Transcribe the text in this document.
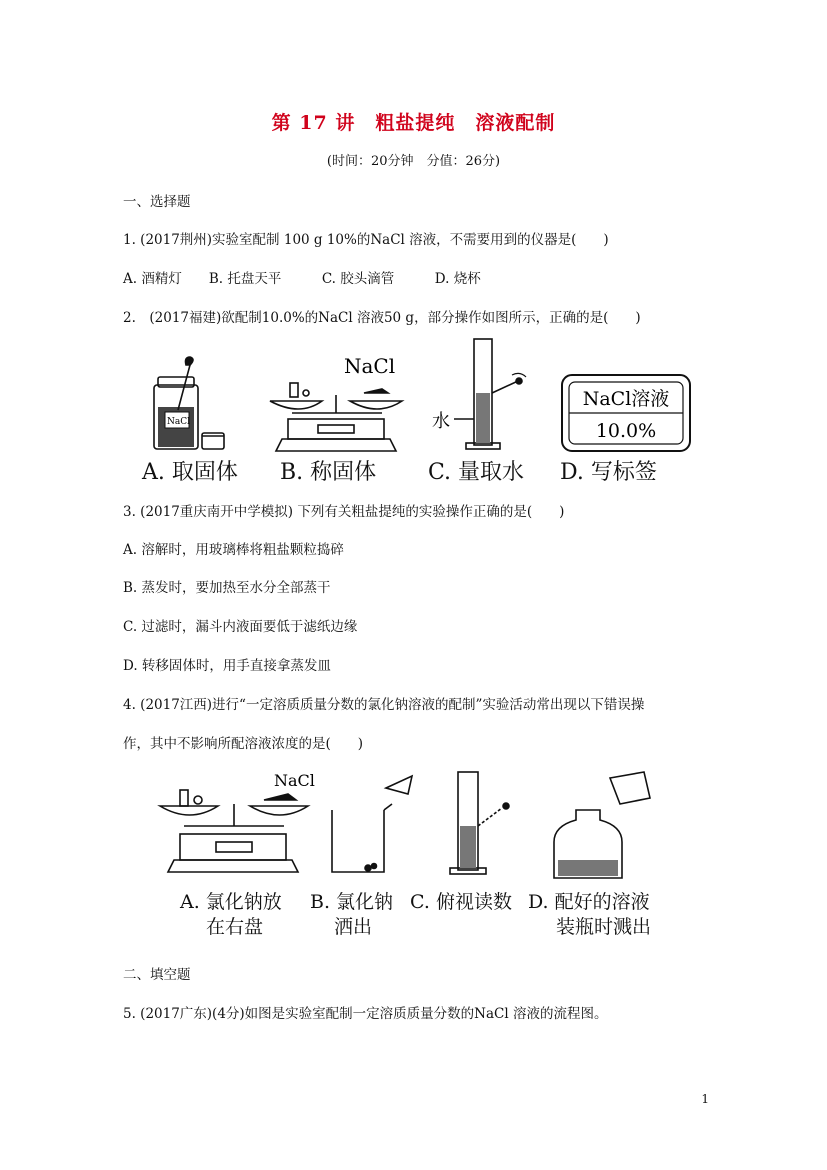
第 17 讲　粗盐提纯　溶液配制
(时间：20分钟　分值：26分)
一、选择题
1. (2017荆州)实验室配制 100 g 10%的NaCl 溶液，不需要用到的仪器是(　　)
A. 酒精灯　　B. 托盘天平　　　C. 胶头滴管　　　D. 烧杯
2.　(2017福建)欲配制10.0%的NaCl 溶液50 g，部分操作如图所示，正确的是(　　)
NaCl
NaCl
水
NaCl溶液
10.0%
A. 取固体 B. 称固体 C. 量取水 D. 写标签
3. (2017重庆南开中学模拟) 下列有关粗盐提纯的实验操作正确的是(　　)
A. 溶解时，用玻璃棒将粗盐颗粒捣碎
B. 蒸发时，要加热至水分全部蒸干
C. 过滤时，漏斗内液面要低于滤纸边缘
D. 转移固体时，用手直接拿蒸发皿
4. (2017江西)进行“一定溶质质量分数的氯化钠溶液的配制”实验活动常出现以下错误操
作，其中不影响所配溶液浓度的是(　　)
NaCl
A. 氯化钠放
在右盘
B. 氯化钠
洒出
C. 俯视读数 D. 配好的溶液
装瓶时溅出
二、填空题
5. (2017广东)(4分)如图是实验室配制一定溶质质量分数的NaCl 溶液的流程图。
1
